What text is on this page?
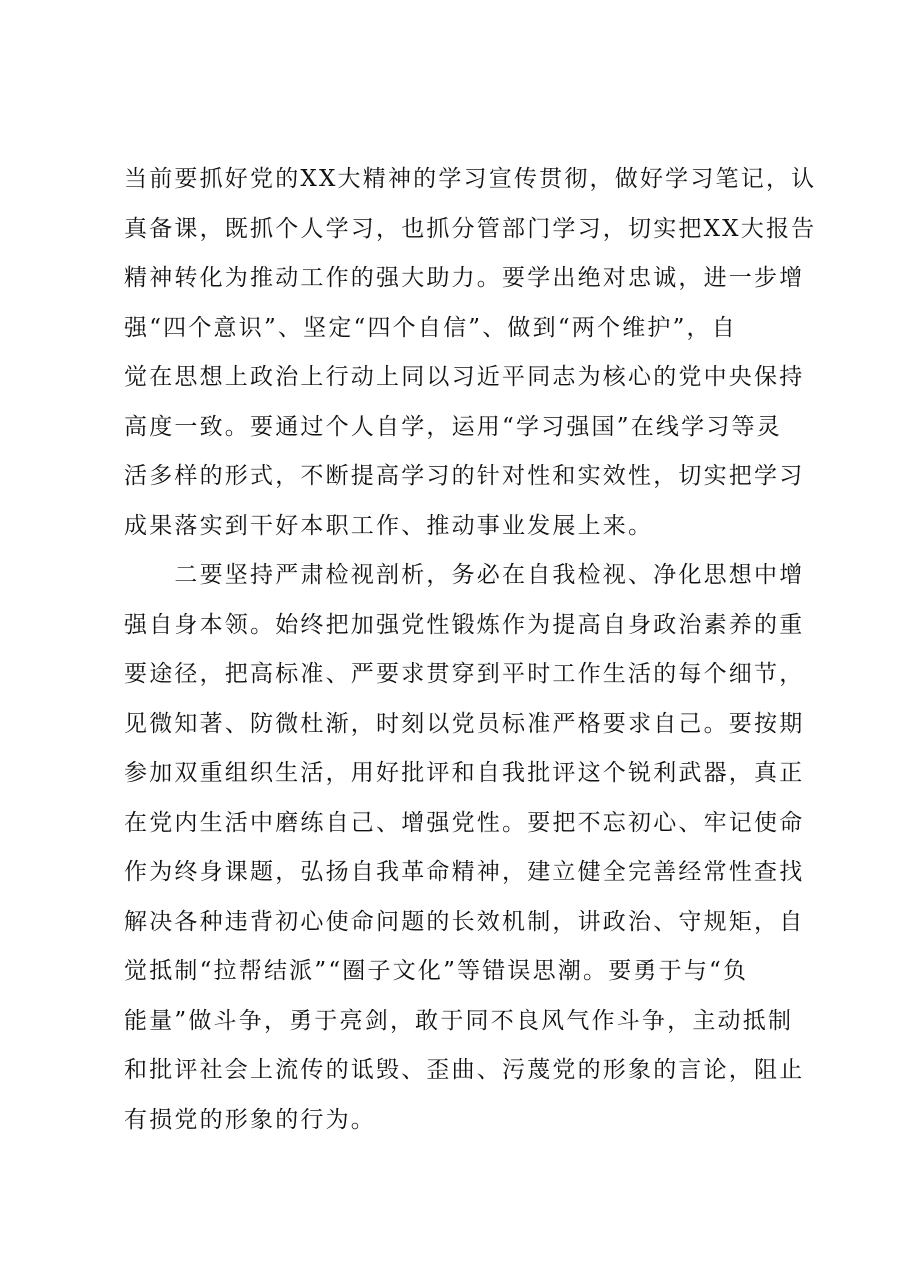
当前要抓好党的XX大精神的学习宣传贯彻，做好学习笔记，认
真备课，既抓个人学习，也抓分管部门学习，切实把XX大报告
精神转化为推动工作的强大助力。要学出绝对忠诚，进一步增
强“四个意识”、坚定“四个自信”、做到“两个维护”，自
觉在思想上政治上行动上同以习近平同志为核心的党中央保持
高度一致。要通过个人自学，运用“学习强国”在线学习等灵
活多样的形式，不断提高学习的针对性和实效性，切实把学习
成果落实到干好本职工作、推动事业发展上来。
　　二要坚持严肃检视剖析，务必在自我检视、净化思想中增
强自身本领。始终把加强党性锻炼作为提高自身政治素养的重
要途径，把高标准、严要求贯穿到平时工作生活的每个细节，
见微知著、防微杜渐，时刻以党员标准严格要求自己。要按期
参加双重组织生活，用好批评和自我批评这个锐利武器，真正
在党内生活中磨练自己、增强党性。要把不忘初心、牢记使命
作为终身课题，弘扬自我革命精神，建立健全完善经常性查找
解决各种违背初心使命问题的长效机制，讲政治、守规矩，自
觉抵制“拉帮结派”“圈子文化”等错误思潮。要勇于与“负
能量”做斗争，勇于亮剑，敢于同不良风气作斗争，主动抵制
和批评社会上流传的诋毁、歪曲、污蔑党的形象的言论，阻止
有损党的形象的行为。
